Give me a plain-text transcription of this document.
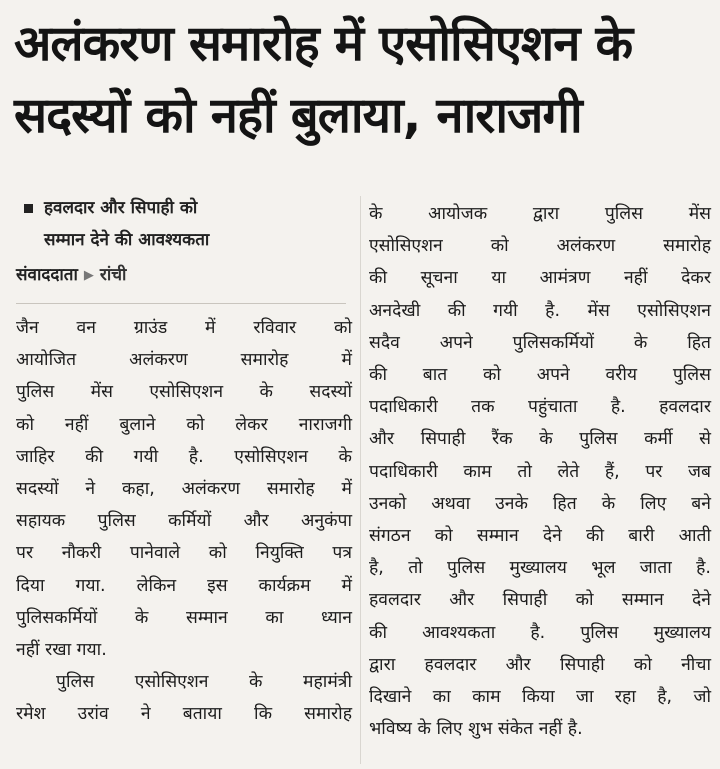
अलंकरण समारोह में एसोसिएशन के
सदस्यों को नहीं बुलाया, नाराजगी
हवलदार और सिपाही को
सम्मान देने की आवश्यकता
संवाददाता ▶ रांची

जैन वन ग्राउंड में रविवार को
आयोजित अलंकरण समारोह में
पुलिस मेंस एसोसिएशन के सदस्यों
को नहीं बुलाने को लेकर नाराजगी
जाहिर की गयी है. एसोसिएशन के
सदस्यों ने कहा, अलंकरण समारोह में
सहायक पुलिस कर्मियों और अनुकंपा
पर नौकरी पानेवाले को नियुक्ति पत्र
दिया गया. लेकिन इस कार्यक्रम में
पुलिसकर्मियों के सम्मान का ध्यान
नहीं रखा गया.

पुलिस एसोसिएशन के महामंत्री
रमेश उरांव ने बताया कि समारोह

के आयोजक द्वारा पुलिस मेंस
एसोसिएशन को अलंकरण समारोह
की सूचना या आमंत्रण नहीं देकर
अनदेखी की गयी है. मेंस एसोसिएशन
सदैव अपने पुलिसकर्मियों के हित
की बात को अपने वरीय पुलिस
पदाधिकारी तक पहुंचाता है. हवलदार
और सिपाही रैंक के पुलिस कर्मी से
पदाधिकारी काम तो लेते हैं, पर जब
उनको अथवा उनके हित के लिए बने
संगठन को सम्मान देने की बारी आती
है, तो पुलिस मुख्यालय भूल जाता है.
हवलदार और सिपाही को सम्मान देने
की आवश्यकता है. पुलिस मुख्यालय
द्वारा हवलदार और सिपाही को नीचा
दिखाने का काम किया जा रहा है, जो
भविष्य के लिए शुभ संकेत नहीं है.
